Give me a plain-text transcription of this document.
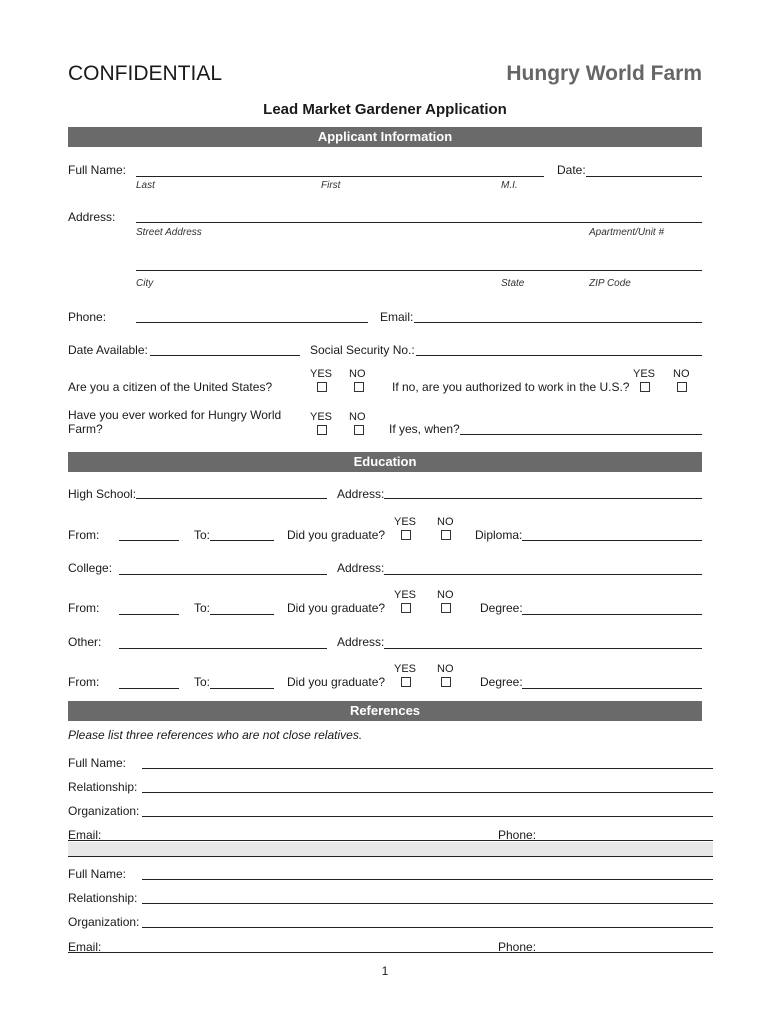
CONFIDENTIAL	Hungry World Farm
Lead Market Gardener Application
Applicant Information
Full Name:	Date:
Last	First	M.I.
Address:
Street Address	Apartment/Unit #
City	State	ZIP Code
Phone:	Email:
Date Available:	Social Security No.:
YES NO
Are you a citizen of the United States?
YES NO
If no, are you authorized to work in the U.S.?
Have you ever worked for Hungry World Farm?
YES NO
If yes, when?
Education
High School:	Address:
YES NO
From:	To:	Did you graduate?	Diploma:
College:	Address:
YES NO
From:	To:	Did you graduate?	Degree:
Other:	Address:
YES NO
From:	To:	Did you graduate?	Degree:
References
Please list three references who are not close relatives.
Full Name:
Relationship:
Organization:
Email:	Phone:
Full Name:
Relationship:
Organization:
Email:	Phone:
1
